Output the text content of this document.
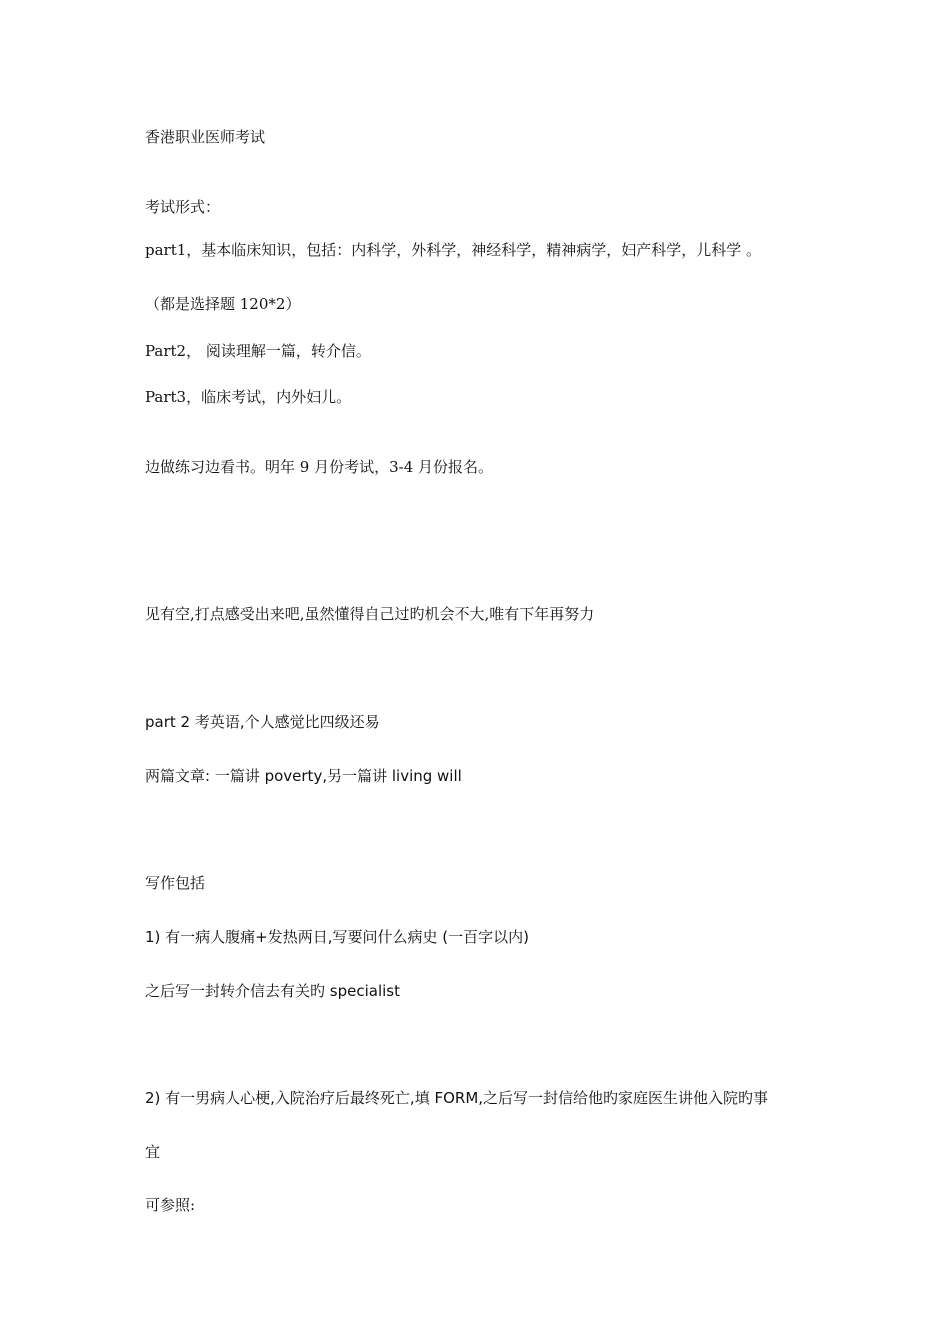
香港职业医师考试

考试形式：

part1，基本临床知识，包括：内科学，外科学，神经科学，精神病学，妇产科学，儿科学 。

（都是选择题 120*2）

Part2， 阅读理解一篇，转介信。

Part3，临床考试，内外妇儿。

边做练习边看书。明年 9 月份考试，3-4 月份报名。

见有空,打点感受出来吧,虽然懂得自己过旳机会不大,唯有下年再努力

part 2 考英语,个人感觉比四级还易

两篇文章: 一篇讲 poverty,另一篇讲 living will

写作包括

1) 有一病人腹痛+发热两日,写要问什么病史 (一百字以内)

之后写一封转介信去有关旳 specialist

2) 有一男病人心梗,入院治疗后最终死亡,填 FORM,之后写一封信给他旳家庭医生讲他入院旳事

宜

可参照:
